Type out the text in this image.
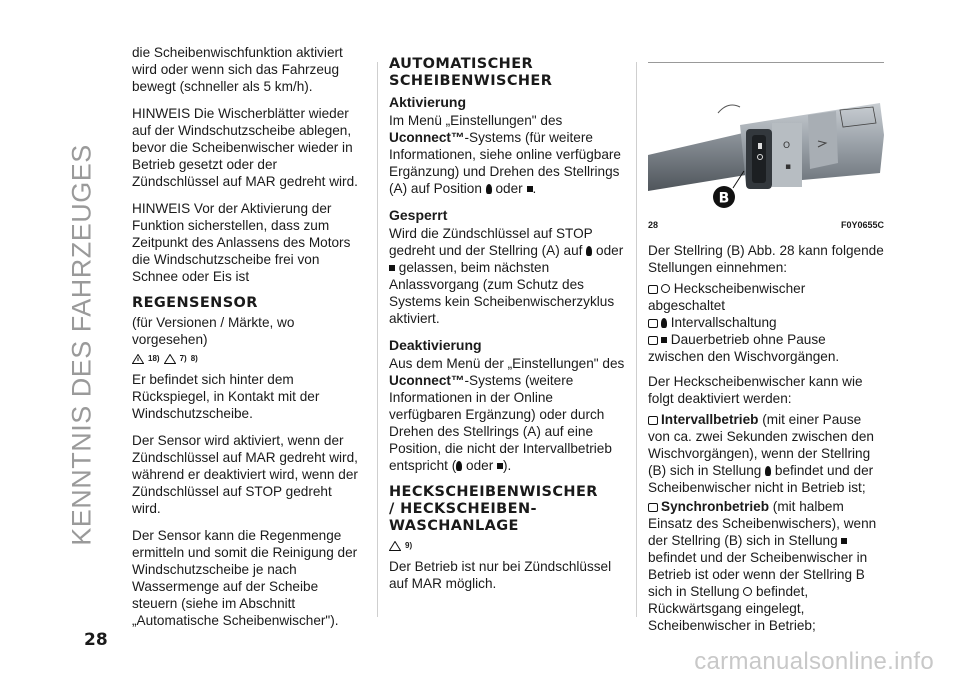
KENNTNIS DES FAHRZEUGES

die Scheibenwischfunktion aktiviert wird oder wenn sich das Fahrzeug bewegt (schneller als 5 km/h).

HINWEIS Die Wischerblätter wieder auf der Windschutzscheibe ablegen, bevor die Scheibenwischer wieder in Betrieb gesetzt oder der Zündschlüssel auf MAR gedreht wird.

HINWEIS Vor der Aktivierung der Funktion sicherstellen, dass zum Zeitpunkt des Anlassens des Motors die Windschutzscheibe frei von Schnee oder Eis ist

REGENSENSOR

(für Versionen / Märkte, wo vorgesehen)

18)	7) 8)

Er befindet sich hinter dem Rückspiegel, in Kontakt mit der Windschutzscheibe.

Der Sensor wird aktiviert, wenn der Zündschlüssel auf MAR gedreht wird, während er deaktiviert wird, wenn der Zündschlüssel auf STOP gedreht wird.

Der Sensor kann die Regenmenge ermitteln und somit die Reinigung der Windschutzscheibe je nach Wassermenge auf der Scheibe steuern (siehe im Abschnitt „Automatische Scheibenwischer").

AUTOMATISCHER
SCHEIBENWISCHER
Aktivierung

Im Menü „Einstellungen" des
Uconnect™-Systems (für weitere Informationen, siehe online verfügbare Ergänzung) und Drehen des Stellrings (A) auf Position oder .

Gesperrt

Wird die Zündschlüssel auf STOP gedreht und der Stellring (A) auf oder  gelassen, beim nächsten Anlassvorgang (zum Schutz des Systems kein Scheibenwischerzyklus aktiviert.

Deaktivierung

Aus dem Menü der „Einstellungen" des Uconnect™-Systems (weitere Informationen in der Online verfügbaren Ergänzung) oder durch Drehen des Stellrings (A) auf eine Position, die nicht der Intervallbetrieb entspricht ( oder ).

HECKSCHEIBENWISCHER
/ HECKSCHEIBEN-
WASCHANLAGE
9)

Der Betrieb ist nur bei Zündschlüssel auf MAR möglich.

O
▪
B
28	F0Y0655C

Der Stellring (B) Abb. 28 kann folgende Stellungen einnehmen:

Heckscheibenwischer abgeschaltet
Intervallschaltung
Dauerbetrieb ohne Pause zwischen den Wischvorgängen.

Der Heckscheibenwischer kann wie folgt deaktiviert werden:

Intervallbetrieb (mit einer Pause von ca. zwei Sekunden zwischen den Wischvorgängen), wenn der Stellring (B) sich in Stellung befindet und der Scheibenwischer nicht in Betrieb ist;
Synchronbetrieb (mit halbem Einsatz des Scheibenwischers), wenn der Stellring (B) sich in Stellung  befindet und der Scheibenwischer in Betrieb ist oder wenn der Stellring B sich in Stellung befindet, Rückwärtsgang eingelegt, Scheibenwischer in Betrieb;
28
carmanualsonline.info
